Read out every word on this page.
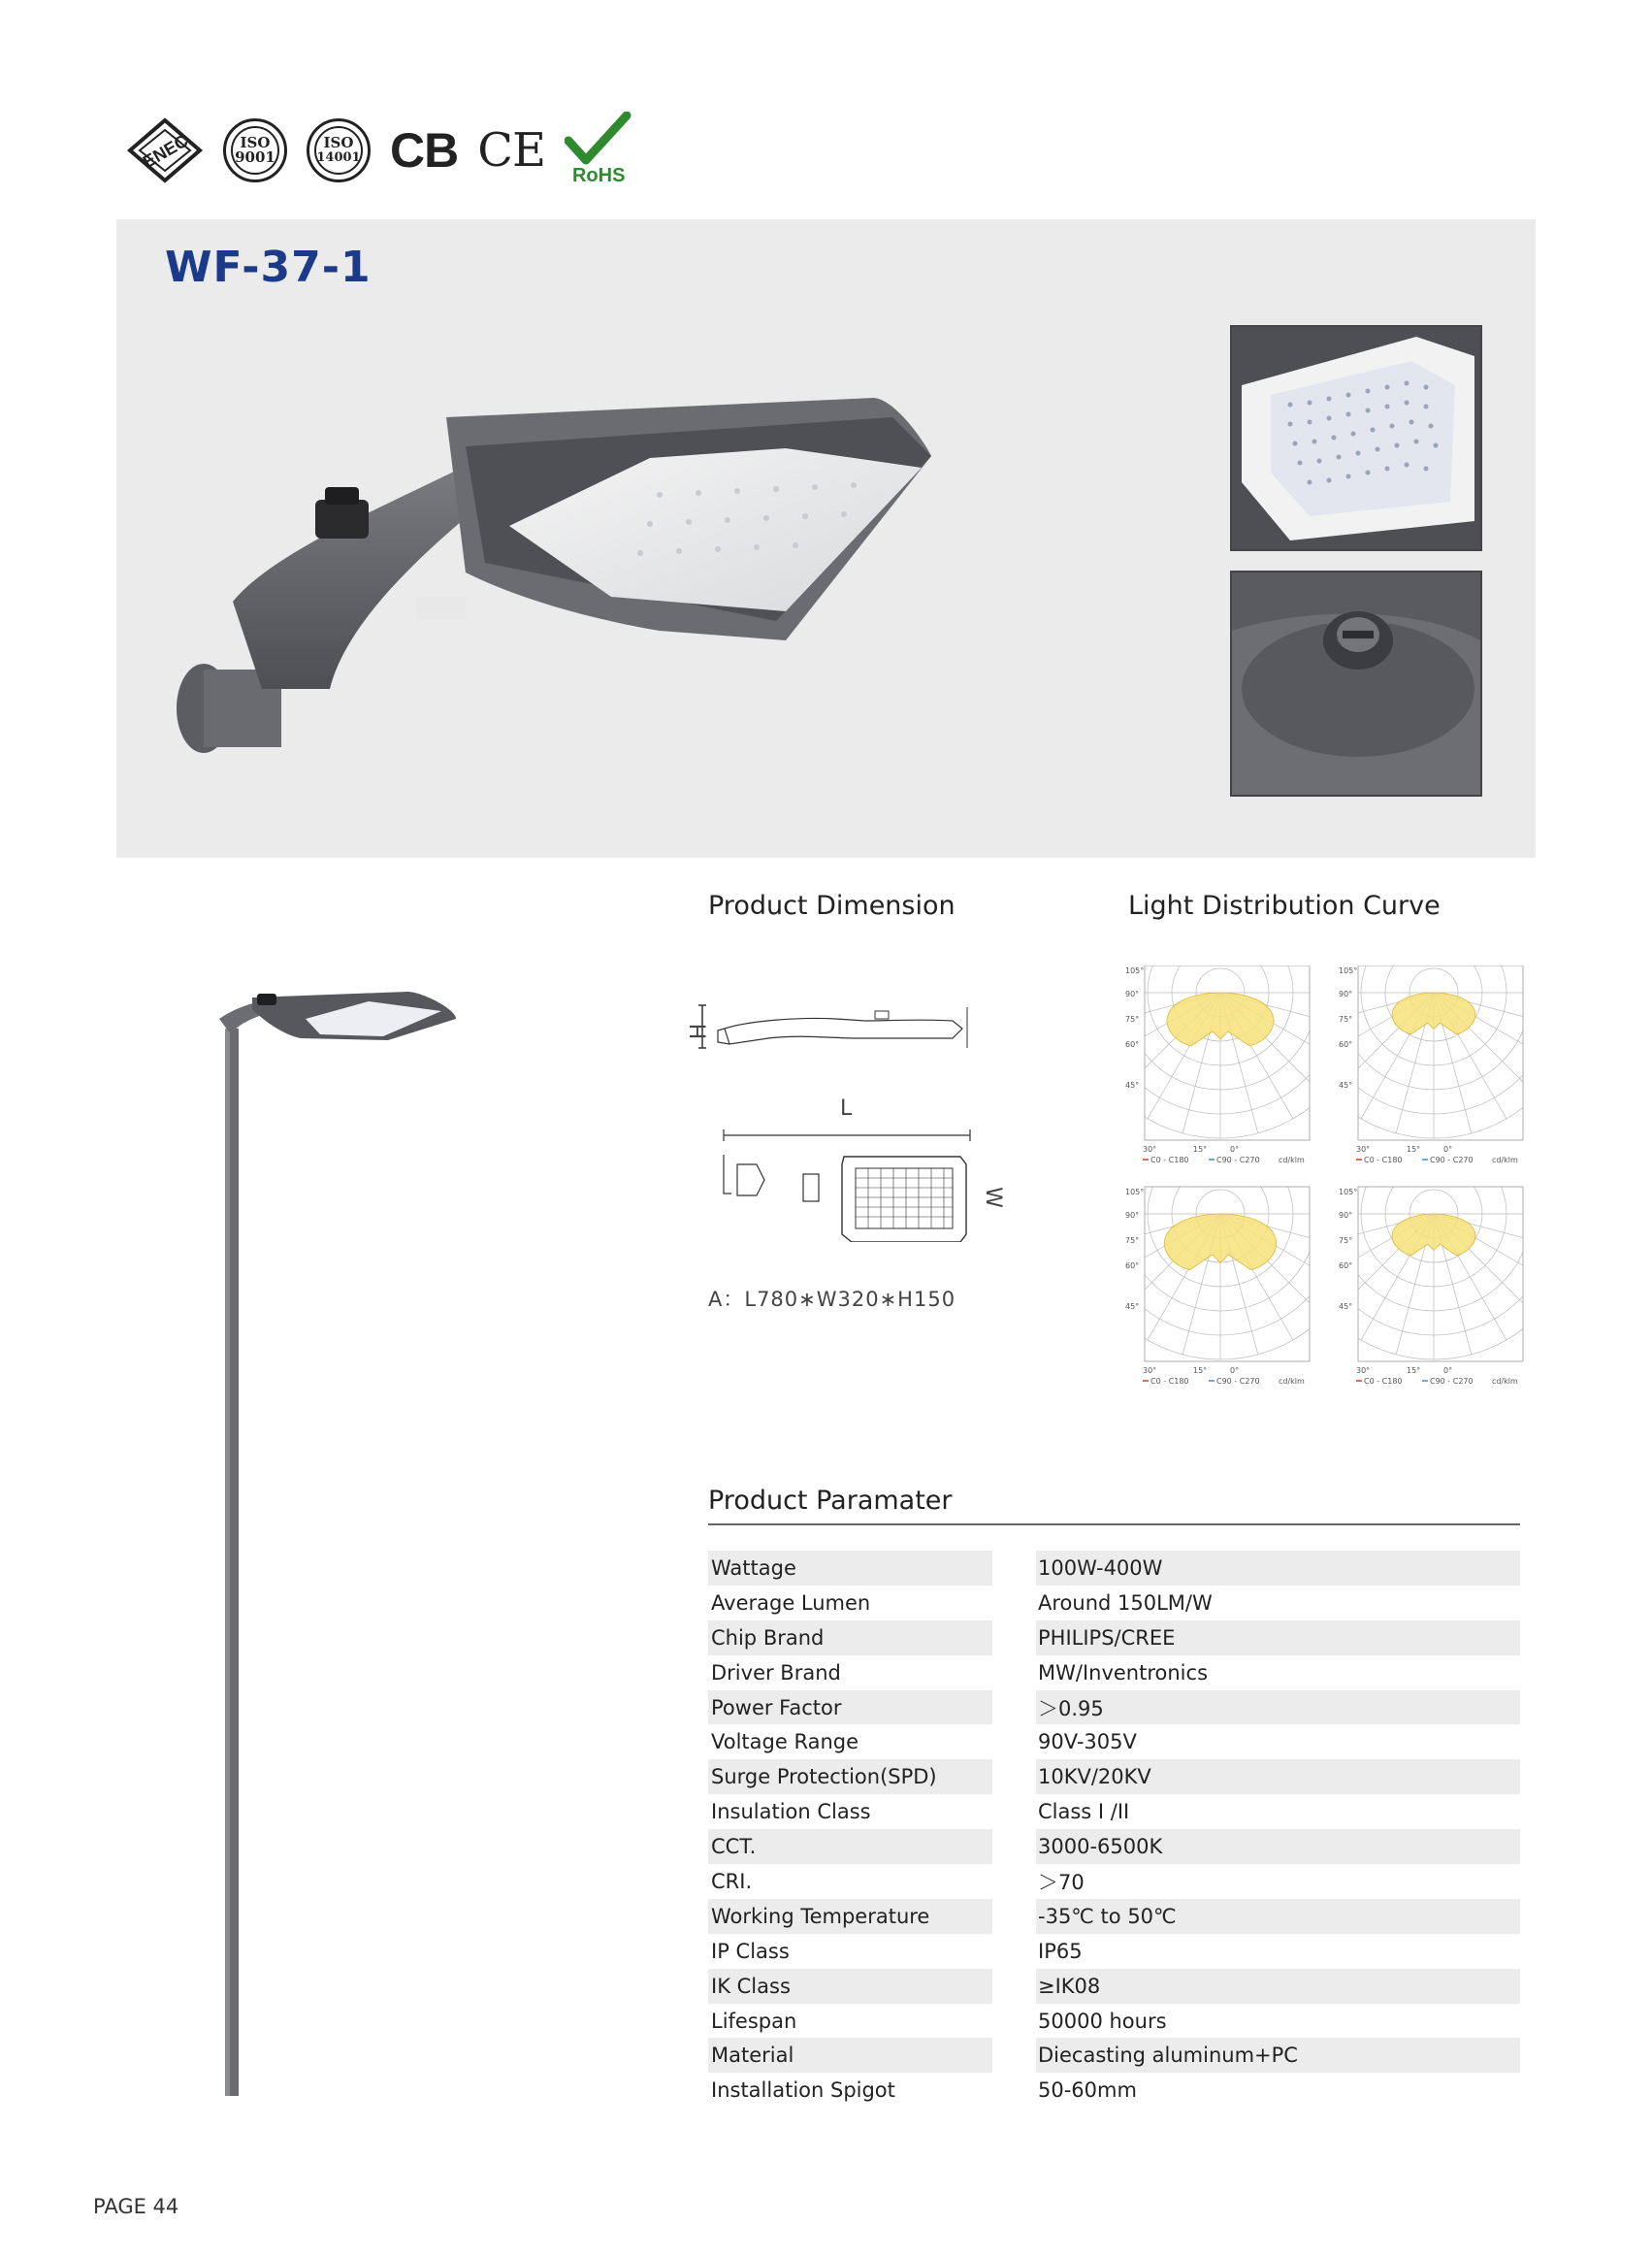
ENEC	ISO
9001
ISO
14001 CB CE RoHS
WF-37-1
Product Dimension
H
L
W
A：L780∗W320∗H150
Light Distribution Curve
105°
90°
75°
60°
45°
30°	15°	0°
C0 - C180	C90 - C270 cd/klm
105°
90°
75°
60°
45°
30°	15°	0°
C0 - C180	C90 - C270 cd/klm
105°
90°
75°
60°
45°
30°	15°	0°
C0 - C180	C90 - C270 cd/klm
105°
90°
75°
60°
45°
30°	15°	0°
C0 - C180	C90 - C270 cd/klm
Product Paramater
Wattage	100W-400W
Average Lumen	Around 150LM/W
Chip Brand	PHILIPS/CREE
Driver Brand	MW/Inventronics
Power Factor	＞0.95
Voltage Range	90V-305V
Surge Protection(SPD)	10KV/20KV
Insulation Class	Class I /II
CCT.	3000-6500K
CRI.	＞70
Working Temperature	-35℃ to 50℃
IP Class	IP65
IK Class	≥IK08
Lifespan	50000 hours
Material	Diecasting aluminum+PC
Installation Spigot	50-60mm
PAGE 44
